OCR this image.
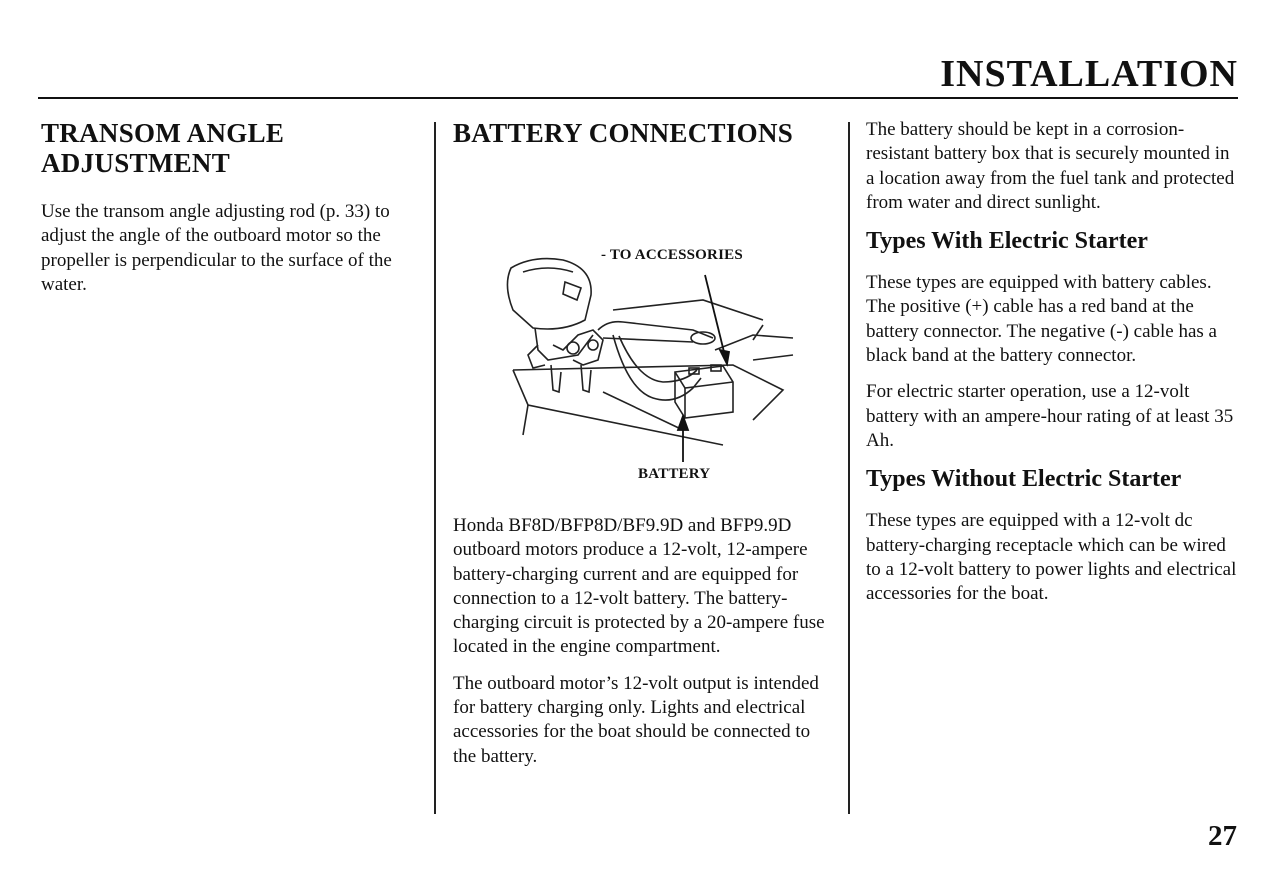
INSTALLATION
TRANSOM ANGLE ADJUSTMENT

Use the transom angle adjusting rod (p. 33) to adjust the angle of the outboard motor so the propeller is perpendicular to the surface of the water.

BATTERY CONNECTIONS
- TO ACCESSORIES
BATTERY

Honda BF8D/BFP8D/BF9.9D and BFP9.9D outboard motors produce a 12-volt, 12-ampere battery-charging current and are equipped for connection to a 12-volt battery. The battery-charging circuit is protected by a 20-ampere fuse located in the engine compartment.

The outboard motor’s 12-volt output is intended for battery charging only. Lights and electrical accessories for the boat should be connected to the battery.

The battery should be kept in a corrosion-resistant battery box that is securely mounted in a location away from the fuel tank and protected from water and direct sunlight.

Types With Electric Starter

These types are equipped with battery cables. The positive (+) cable has a red band at the battery connector. The negative (-) cable has a black band at the battery connector.

For electric starter operation, use a 12-volt battery with an ampere-hour rating of at least 35 Ah.

Types Without Electric Starter

These types are equipped with a 12-volt dc battery-charging receptacle which can be wired to a 12-volt battery to power lights and electrical accessories for the boat.

27
